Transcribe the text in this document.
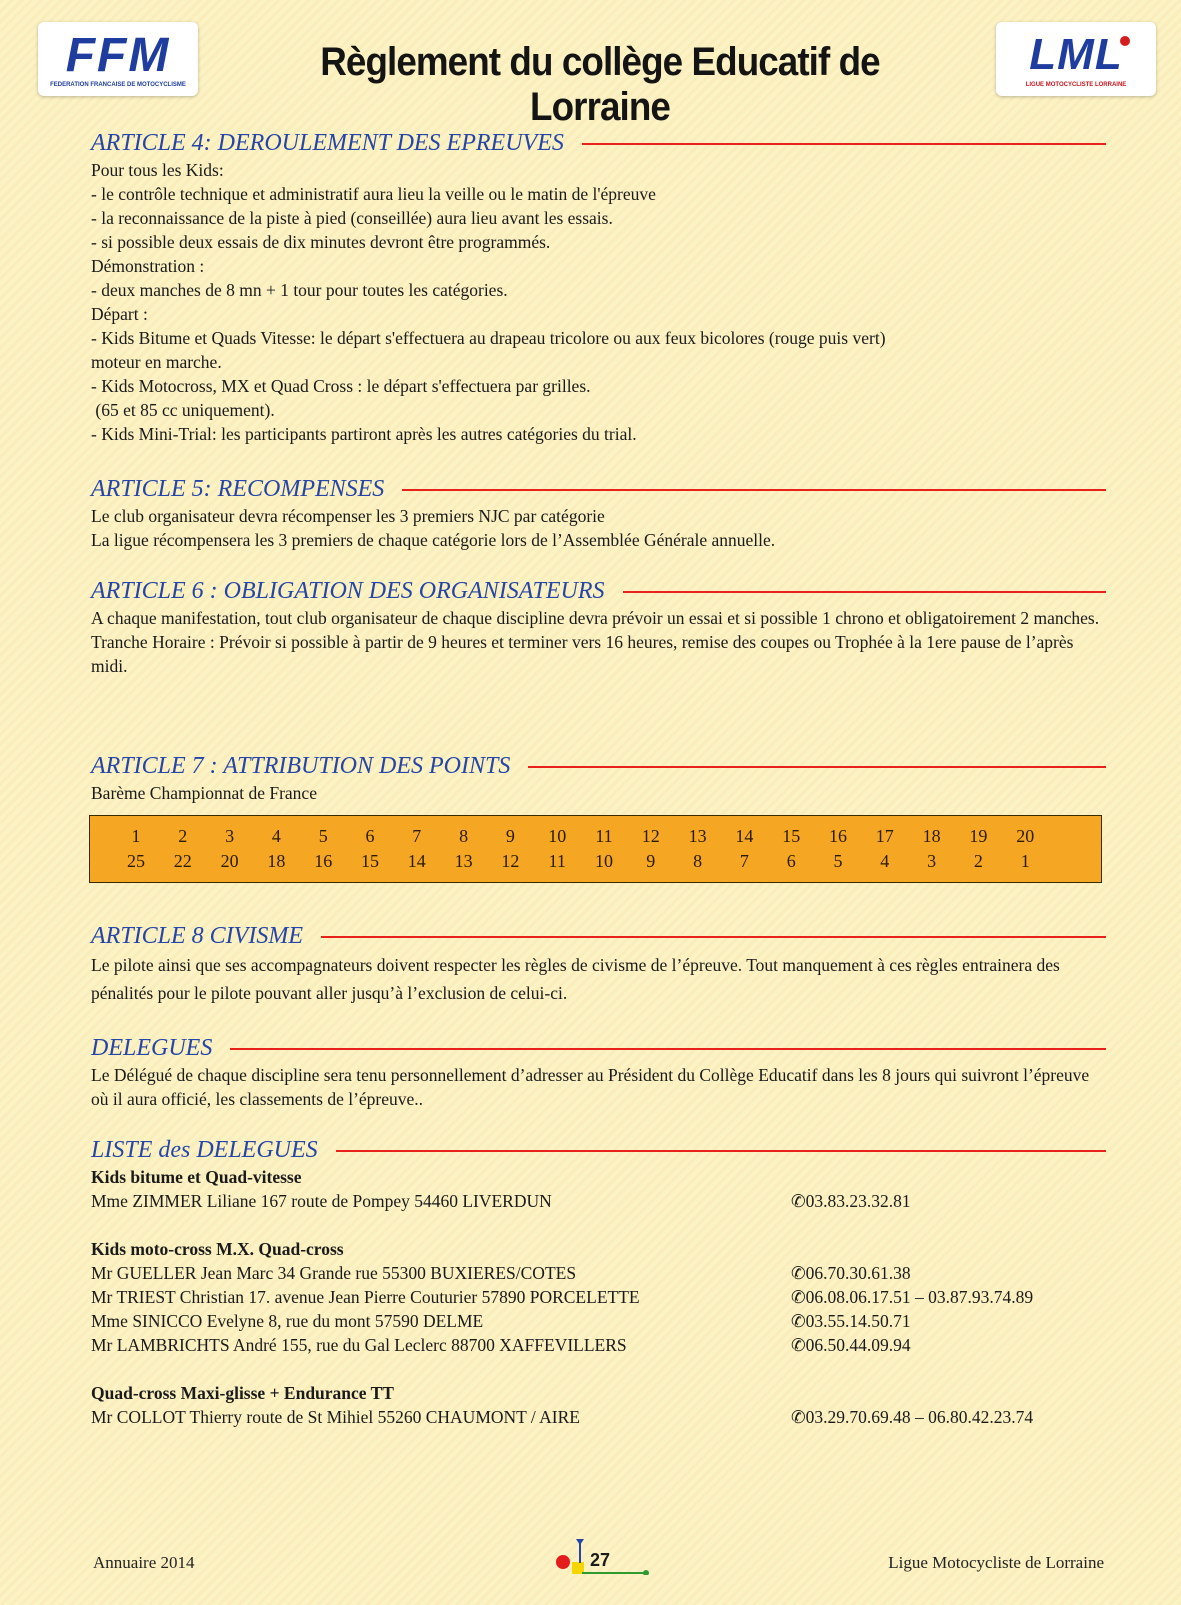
FFM
FEDERATION FRANCAISE DE MOTOCYCLISME
Règlement du collège Educatif de Lorraine
LML
LIGUE MOTOCYCLISTE LORRAINE
ARTICLE 4: DEROULEMENT DES EPREUVES

Pour tous les Kids:

- le contrôle technique et administratif aura lieu la veille ou le matin de l'épreuve

- la reconnaissance de la piste à pied (conseillée) aura lieu avant les essais.

- si possible deux essais de dix minutes devront être programmés.

Démonstration :

- deux manches de 8 mn + 1 tour pour toutes les catégories.

Départ :

- Kids Bitume et Quads Vitesse: le départ s'effectuera au drapeau tricolore ou aux feux bicolores (rouge puis vert)

moteur en marche.

- Kids Motocross, MX et Quad Cross : le départ s'effectuera par grilles.

(65 et 85 cc uniquement).

- Kids Mini-Trial: les participants partiront après les autres catégories du trial.

ARTICLE 5: RECOMPENSES

Le club organisateur devra récompenser les 3 premiers NJC par catégorie

La ligue récompensera les 3 premiers de chaque catégorie lors de l’Assemblée Générale annuelle.

ARTICLE 6 : OBLIGATION DES ORGANISATEURS

A chaque manifestation, tout club organisateur de chaque discipline devra prévoir un essai et si possible 1 chrono et obligatoirement 2 manches.

Tranche Horaire : Prévoir si possible à partir de 9 heures et terminer vers 16 heures, remise des coupes ou Trophée à la 1ere pause de l’après midi.

ARTICLE 7 : ATTRIBUTION DES POINTS

Barème Championnat de France

1	2	3	4	5	6	7	8	9	10	11	12	13	14	15	16	17	18	19	20
25	22	20	18	16	15	14	13	12	11	10	9	8	7	6	5	4	3	2	1
ARTICLE 8 CIVISME

Le pilote ainsi que ses accompagnateurs doivent respecter les règles de civisme de l’épreuve. Tout manquement à ces règles entrainera des pénalités pour le pilote pouvant aller jusqu’à l’exclusion de celui-ci.

DELEGUES

Le Délégué de chaque discipline sera tenu personnellement d’adresser au Président du Collège Educatif dans les 8 jours qui suivront l’épreuve où il aura officié, les classements de l’épreuve..

LISTE des DELEGUES
Kids bitume et Quad-vitesse
Mme ZIMMER Liliane 167 route de Pompey 54460 LIVERDUN	✆03.83.23.32.81
Kids moto-cross M.X. Quad-cross
Mr GUELLER Jean Marc 34 Grande rue 55300 BUXIERES/COTES	✆06.70.30.61.38
Mr TRIEST Christian 17. avenue Jean Pierre Couturier 57890 PORCELETTE	✆06.08.06.17.51 – 03.87.93.74.89
Mme SINICCO Evelyne 8, rue du mont 57590 DELME	✆03.55.14.50.71
Mr LAMBRICHTS André 155, rue du Gal Leclerc 88700 XAFFEVILLERS	✆06.50.44.09.94
Quad-cross Maxi-glisse + Endurance TT
Mr COLLOT Thierry route de St Mihiel 55260 CHAUMONT / AIRE	✆03.29.70.69.48 – 06.80.42.23.74
Annuaire 2014	27	Ligue Motocycliste de Lorraine
